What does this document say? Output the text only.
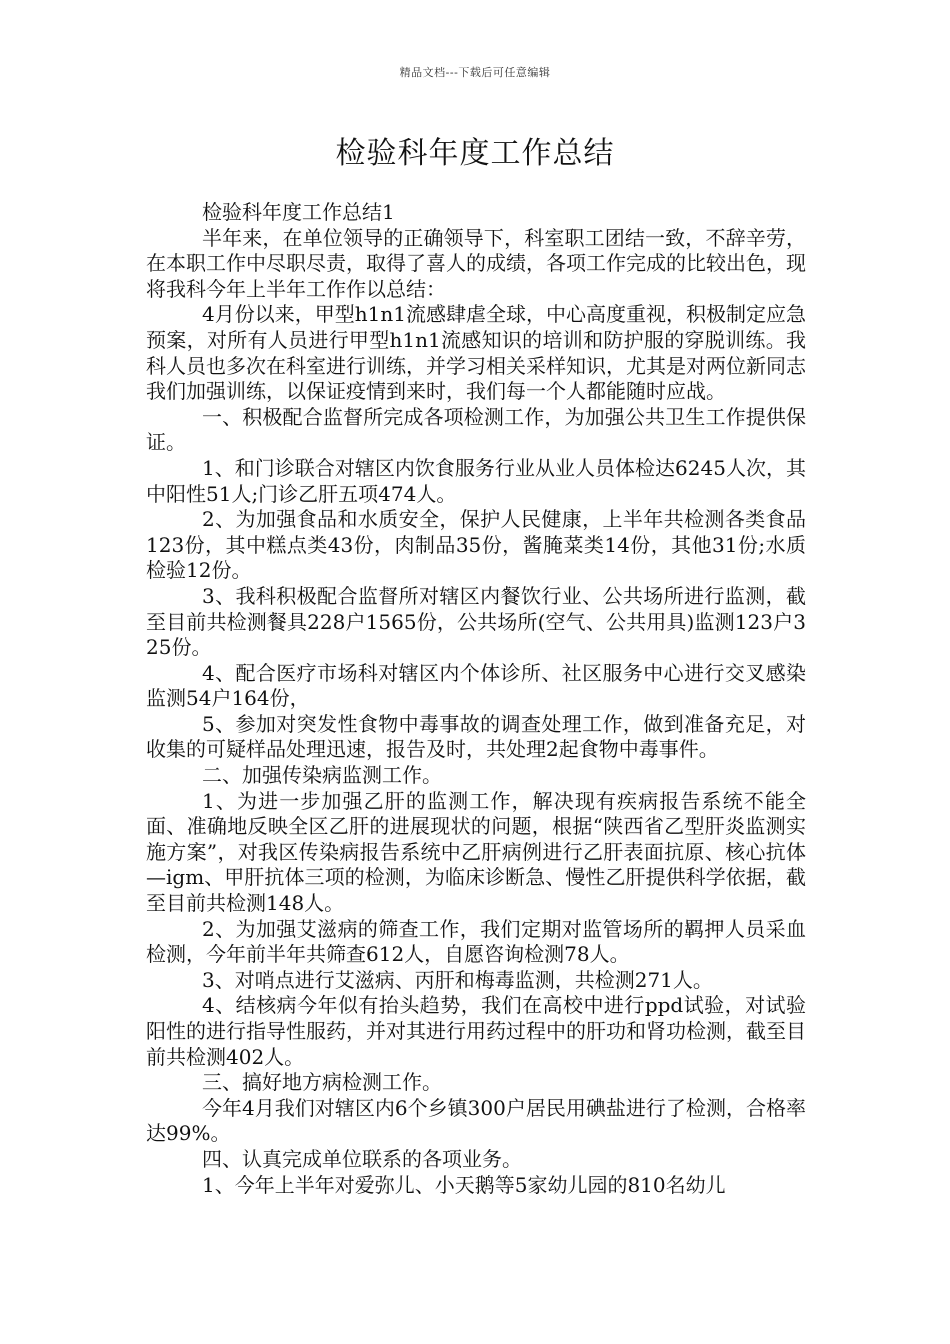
精品文档---下载后可任意编辑
检验科年度工作总结

检验科年度工作总结1

半年来，在单位领导的正确领导下，科室职工团结一致，不辞辛劳，在本职工作中尽职尽责，取得了喜人的成绩，各项工作完成的比较出色，现将我科今年上半年工作作以总结：

4月份以来，甲型h1n1流感肆虐全球，中心高度重视，积极制定应急预案，对所有人员进行甲型h1n1流感知识的培训和防护服的穿脱训练。我科人员也多次在科室进行训练，并学习相关采样知识，尤其是对两位新同志我们加强训练，以保证疫情到来时，我们每一个人都能随时应战。

一、积极配合监督所完成各项检测工作，为加强公共卫生工作提供保证。

1、和门诊联合对辖区内饮食服务行业从业人员体检达6245人次，其中阳性51人;门诊乙肝五项474人。

2、为加强食品和水质安全，保护人民健康，上半年共检测各类食品123份，其中糕点类43份，肉制品35份，酱腌菜类14份，其他31份;水质检验12份。

3、我科积极配合监督所对辖区内餐饮行业、公共场所进行监测，截至目前共检测餐具228户1565份，公共场所(空气、公共用具)监测123户325份。

4、配合医疗市场科对辖区内个体诊所、社区服务中心进行交叉感染监测54户164份，

5、参加对突发性食物中毒事故的调查处理工作，做到准备充足，对收集的可疑样品处理迅速，报告及时，共处理2起食物中毒事件。

二、加强传染病监测工作。

1、为进一步加强乙肝的监测工作，解决现有疾病报告系统不能全面、准确地反映全区乙肝的进展现状的问题，根据“陕西省乙型肝炎监测实施方案”，对我区传染病报告系统中乙肝病例进行乙肝表面抗原、核心抗体—igm、甲肝抗体三项的检测，为临床诊断急、慢性乙肝提供科学依据，截至目前共检测148人。

2、为加强艾滋病的筛查工作，我们定期对监管场所的羁押人员采血检测，今年前半年共筛查612人，自愿咨询检测78人。

3、对哨点进行艾滋病、丙肝和梅毒监测，共检测271人。

4、结核病今年似有抬头趋势，我们在高校中进行ppd试验，对试验阳性的进行指导性服药，并对其进行用药过程中的肝功和肾功检测，截至目前共检测402人。

三、搞好地方病检测工作。

今年4月我们对辖区内6个乡镇300户居民用碘盐进行了检测，合格率达99%。

四、认真完成单位联系的各项业务。

1、今年上半年对爱弥儿、小天鹅等5家幼儿园的810名幼儿
